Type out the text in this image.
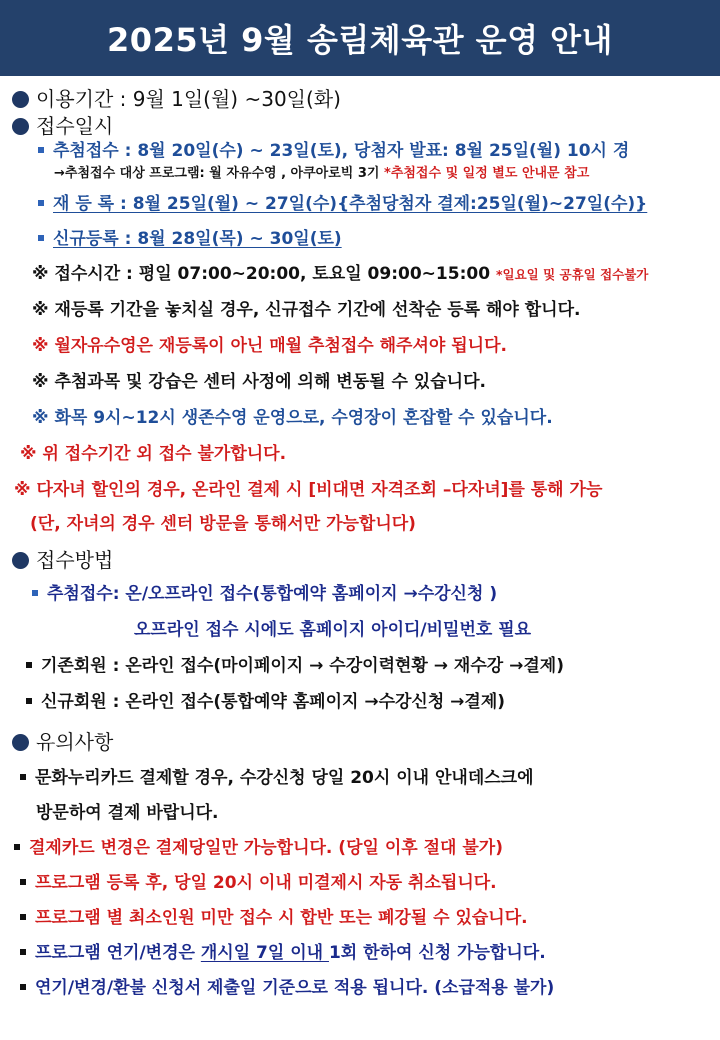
2025년 9월 송림체육관 운영 안내
이용기간 : 9월 1일(월) ~30일(화)
접수일시
추첨접수 : 8월 20일(수) ~ 23일(토), 당첨자 발표: 8월 25일(월) 10시 경
→추첨접수 대상 프로그램: 월 자유수영 , 아쿠아로빅 3기 *추첨접수 및 일정 별도 안내문 참고
재 등 록 : 8월 25일(월) ~ 27일(수){추첨당첨자 결제:25일(월)~27일(수)}
신규등록 : 8월 28일(목) ~ 30일(토)
※ 접수시간 : 평일 07:00~20:00, 토요일 09:00~15:00 *일요일 및 공휴일 접수불가
※ 재등록 기간을 놓치실 경우, 신규접수 기간에 선착순 등록 해야 합니다.
※ 월자유수영은 재등록이 아닌 매월 추첨접수 해주셔야 됩니다.
※ 추첨과목 및 강습은 센터 사정에 의해 변동될 수 있습니다.
※ 화목 9시~12시 생존수영 운영으로, 수영장이 혼잡할 수 있습니다.
※ 위 접수기간 외 접수 불가합니다.
※ 다자녀 할인의 경우, 온라인 결제 시 [비대면 자격조회 –다자녀]를 통해 가능
(단, 자녀의 경우 센터 방문을 통해서만 가능합니다)
접수방법
추첨접수: 온/오프라인 접수(통합예약 홈페이지 →수강신청 )
오프라인 접수 시에도 홈페이지 아이디/비밀번호 필요
기존회원 : 온라인 접수(마이페이지 → 수강이력현황 → 재수강 →결제)
신규회원 : 온라인 접수(통합예약 홈페이지 →수강신청 →결제)
유의사항
문화누리카드 결제할 경우, 수강신청 당일 20시 이내 안내데스크에
방문하여 결제 바랍니다.
결제카드 변경은 결제당일만 가능합니다. (당일 이후 절대 불가)
프로그램 등록 후, 당일 20시 이내 미결제시 자동 취소됩니다.
프로그램 별 최소인원 미만 접수 시 합반 또는 폐강될 수 있습니다.
프로그램 연기/변경은 개시일 7일 이내 1회 한하여 신청 가능합니다.
연기/변경/환불 신청서 제출일 기준으로 적용 됩니다. (소급적용 불가)
